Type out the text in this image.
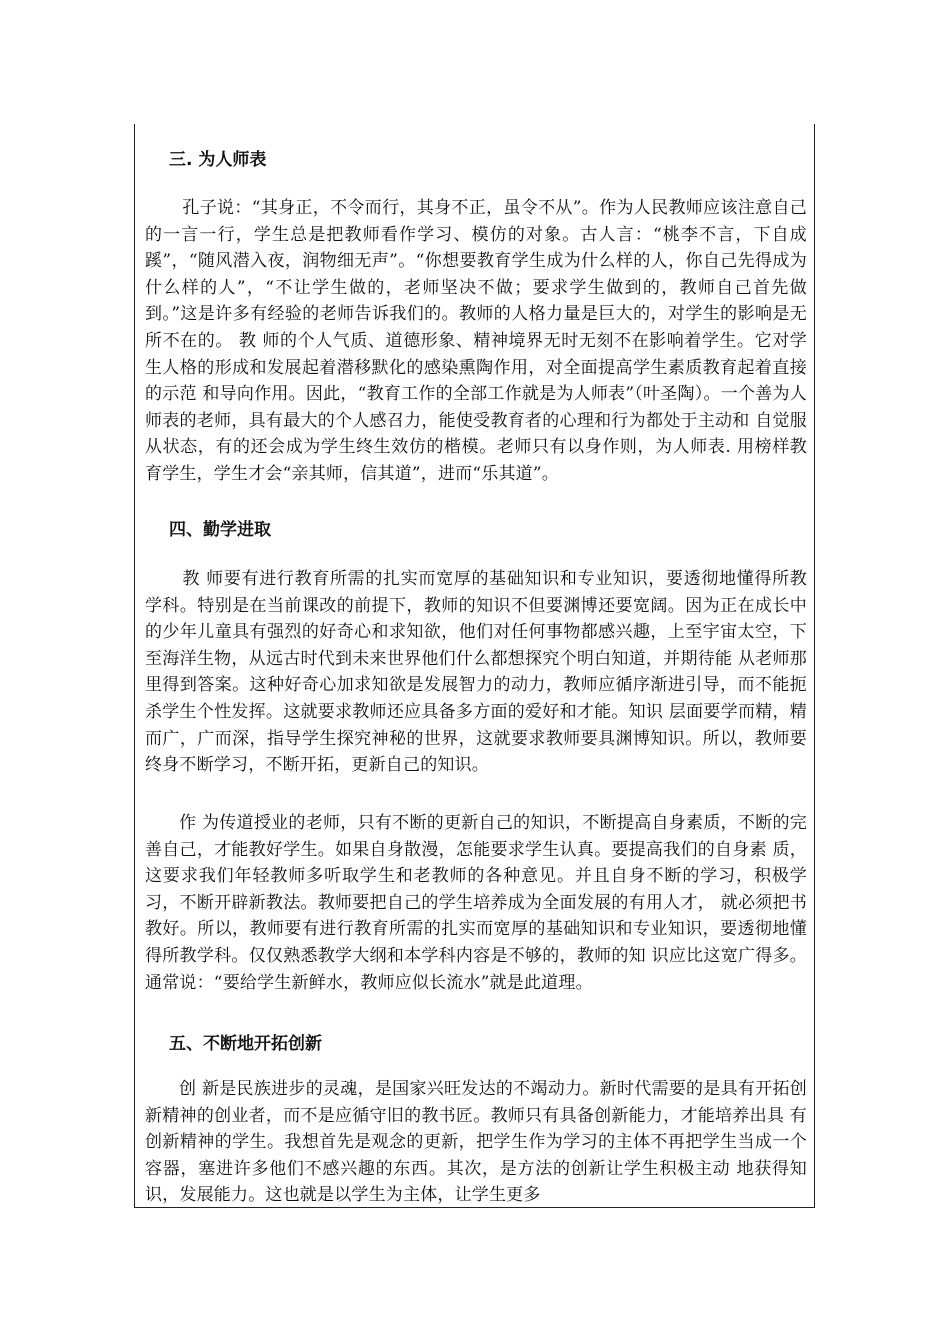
三. 为人师表

孔子说：“其身正，不令而行，其身不正，虽令不从”。作为人民教师应该注意自己的一言一行，学生总是把教师看作学习、模仿的对象。古人言：“桃李不言，下自成蹊”，“随风潜入夜，润物细无声”。“你想要教育学生成为什么样的人，你自己先得成为什么样的人”，“不让学生做的，老师坚决不做；要求学生做到的，教师自己首先做到。”这是许多有经验的老师告诉我们的。教师的人格力量是巨大的，对学生的影响是无所不在的。 教 师的个人气质、道德形象、精神境界无时无刻不在影响着学生。它对学生人格的形成和发展起着潜移默化的感染熏陶作用，对全面提高学生素质教育起着直接的示范 和导向作用。因此，“教育工作的全部工作就是为人师表”（叶圣陶）。一个善为人师表的老师，具有最大的个人感召力，能使受教育者的心理和行为都处于主动和 自觉服从状态，有的还会成为学生终生效仿的楷模。老师只有以身作则，为人师表. 用榜样教育学生，学生才会“亲其师，信其道”，进而“乐其道”。

四、勤学进取

教 师要有进行教育所需的扎实而宽厚的基础知识和专业知识，要透彻地懂得所教学科。特别是在当前课改的前提下，教师的知识不但要渊博还要宽阔。因为正在成长中 的少年儿童具有强烈的好奇心和求知欲，他们对任何事物都感兴趣，上至宇宙太空，下至海洋生物，从远古时代到未来世界他们什么都想探究个明白知道，并期待能 从老师那里得到答案。这种好奇心加求知欲是发展智力的动力，教师应循序渐进引导，而不能扼杀学生个性发挥。这就要求教师还应具备多方面的爱好和才能。知识 层面要学而精，精而广，广而深，指导学生探究神秘的世界，这就要求教师要具渊博知识。所以，教师要终身不断学习，不断开拓，更新自己的知识。

作 为传道授业的老师，只有不断的更新自己的知识，不断提高自身素质，不断的完善自己，才能教好学生。如果自身散漫，怎能要求学生认真。要提高我们的自身素 质，这要求我们年轻教师多听取学生和老教师的各种意见。并且自身不断的学习，积极学习，不断开辟新教法。教师要把自己的学生培养成为全面发展的有用人才， 就必须把书教好。所以，教师要有进行教育所需的扎实而宽厚的基础知识和专业知识，要透彻地懂得所教学科。仅仅熟悉教学大纲和本学科内容是不够的，教师的知 识应比这宽广得多。通常说：“要给学生新鲜水，教师应似长流水”就是此道理。

五、不断地开拓创新

创 新是民族进步的灵魂，是国家兴旺发达的不竭动力。新时代需要的是具有开拓创新精神的创业者，而不是应循守旧的教书匠。教师只有具备创新能力，才能培养出具 有创新精神的学生。我想首先是观念的更新，把学生作为学习的主体不再把学生当成一个容器，塞进许多他们不感兴趣的东西。其次，是方法的创新让学生积极主动 地获得知识，发展能力。这也就是以学生为主体，让学生更多
